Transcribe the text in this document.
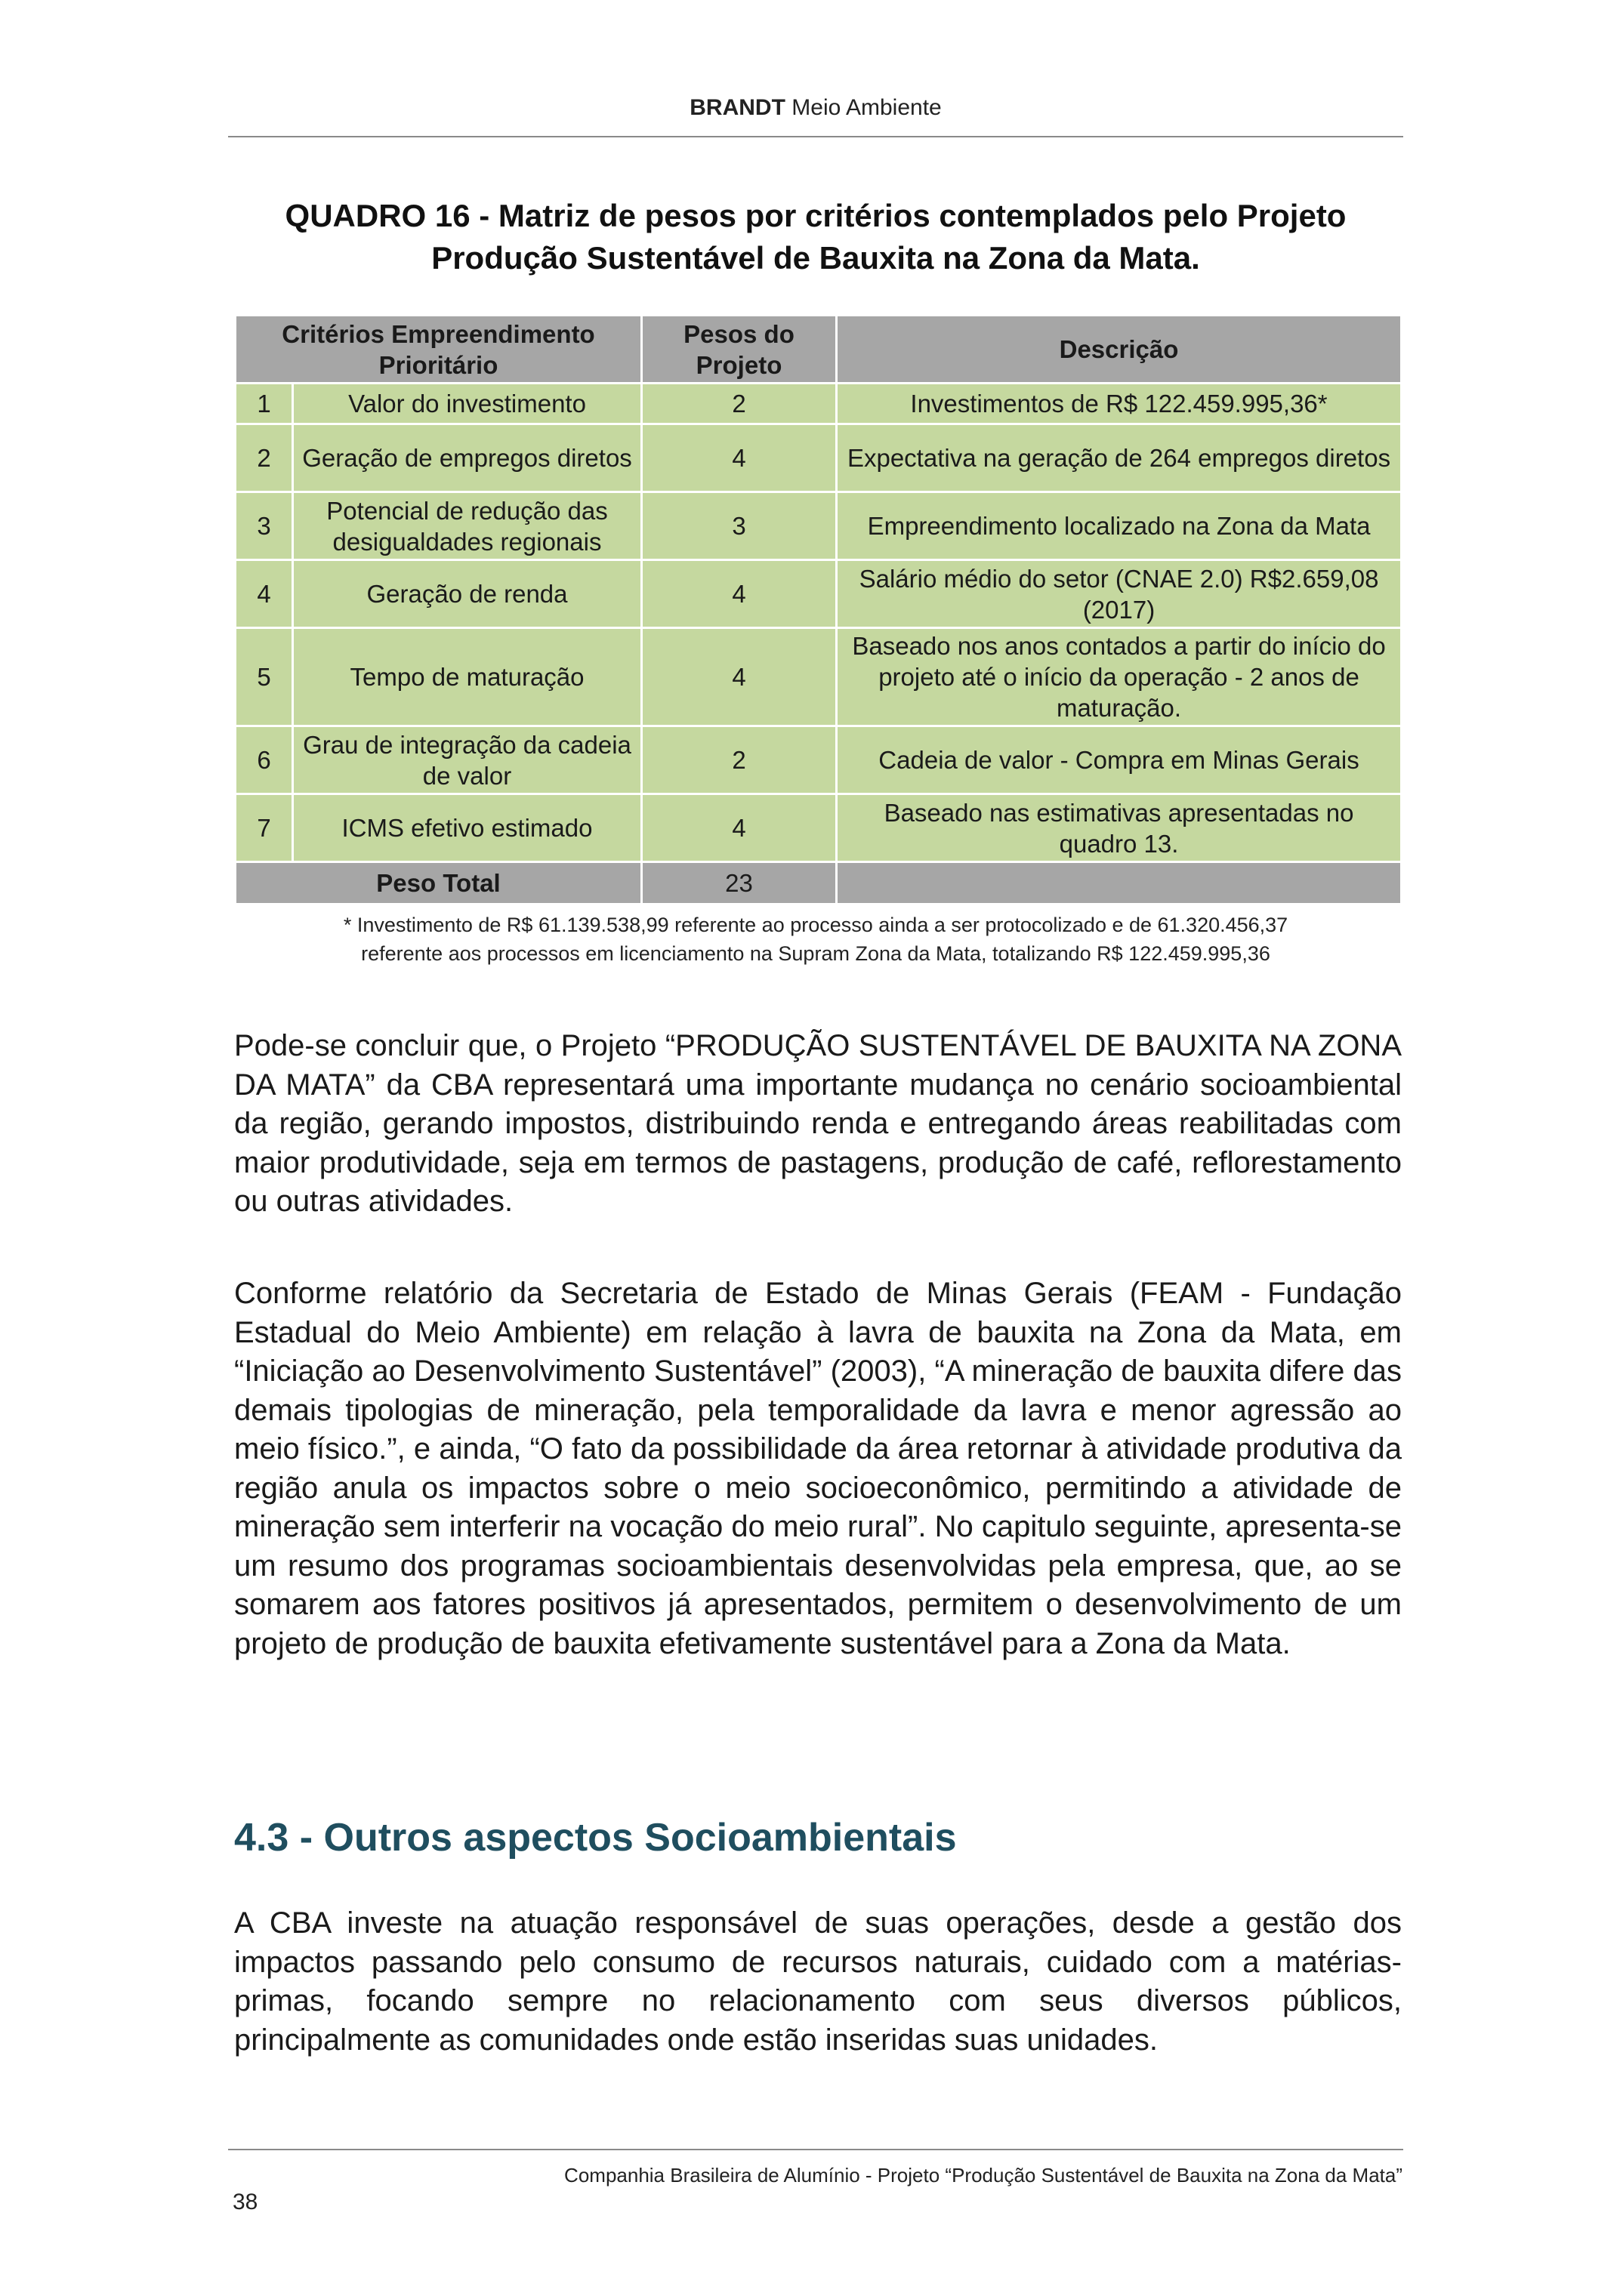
BRANDT Meio Ambiente
QUADRO 16 - Matriz de pesos por critérios contemplados pelo Projeto
Produção Sustentável de Bauxita na Zona da Mata.
Critérios Empreendimento Prioritário		Pesos do Projeto	Descrição
1	Valor do investimento	2	Investimentos de R$ 122.459.995,36*
2	Geração de empregos diretos	4	Expectativa na geração de 264 empregos diretos
3	Potencial de redução das desigualdades regionais	3	Empreendimento localizado na Zona da Mata
4	Geração de renda	4	Salário médio do setor (CNAE 2.0) R$2.659,08 (2017)
5	Tempo de maturação	4	Baseado nos anos contados a partir do início do projeto até o início da operação - 2 anos de maturação.
6	Grau de integração da cadeia de valor	2	Cadeia de valor - Compra em Minas Gerais
7	ICMS efetivo estimado	4	Baseado nas estimativas apresentadas no quadro 13.
Peso Total		23	
* Investimento de R$ 61.139.538,99 referente ao processo ainda a ser protocolizado e de 61.320.456,37
referente aos processos em licenciamento na Supram Zona da Mata, totalizando R$ 122.459.995,36

Pode-se concluir que, o Projeto “PRODUÇÃO SUSTENTÁVEL DE BAUXITA NA ZONA DA MATA” da CBA representará uma importante mudança no cenário socioambiental da região, gerando impostos, distribuindo renda e entregando áreas reabilitadas com maior produtividade, seja em termos de pastagens, produção de café, reflorestamento ou outras atividades.

Conforme relatório da Secretaria de Estado de Minas Gerais (FEAM - Fundação Estadual do Meio Ambiente) em relação à lavra de bauxita na Zona da Mata, em “Iniciação ao Desenvolvimento Sustentável” (2003), “A mineração de bauxita difere das demais tipologias de mineração, pela temporalidade da lavra e menor agressão ao meio físico.”, e ainda, “O fato da possibilidade da área retornar à atividade produtiva da região anula os impactos sobre o meio socioeconômico, permitindo a atividade de mineração sem interferir na vocação do meio rural”. No capitulo seguinte, apresenta-se um resumo dos programas socioambientais desenvolvidas pela empresa, que, ao se somarem aos fatores positivos já apresentados, permitem o desenvolvimento de um projeto de produção de bauxita efetivamente sustentável para a Zona da Mata.

4.3 - Outros aspectos Socioambientais

A CBA investe na atuação responsável de suas operações, desde a gestão dos impactos passando pelo consumo de recursos naturais, cuidado com a matérias-primas, focando sempre no relacionamento com seus diversos públicos, principalmente as comunidades onde estão inseridas suas unidades.

Companhia Brasileira de Alumínio - Projeto “Produção Sustentável de Bauxita na Zona da Mata”
38
